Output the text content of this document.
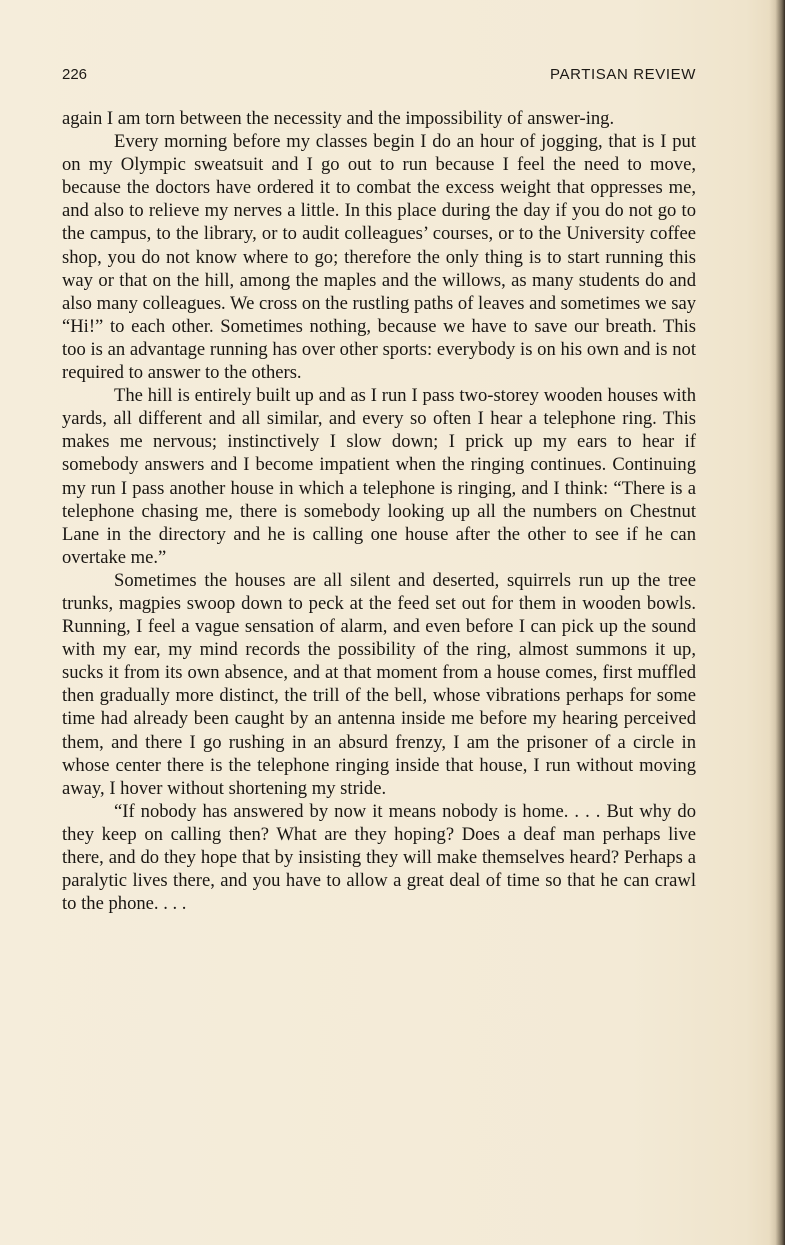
226	PARTISAN REVIEW

again I am torn between the necessity and the impossibility of answer-ing.

Every morning before my classes begin I do an hour of jogging, that is I put on my Olympic sweatsuit and I go out to run because I feel the need to move, because the doctors have ordered it to combat the excess weight that oppresses me, and also to relieve my nerves a little. In this place during the day if you do not go to the campus, to the library, or to audit colleagues’ courses, or to the University coffee shop, you do not know where to go; therefore the only thing is to start running this way or that on the hill, among the maples and the willows, as many students do and also many colleagues. We cross on the rustling paths of leaves and sometimes we say “Hi!” to each other. Sometimes nothing, because we have to save our breath. This too is an advantage running has over other sports: everybody is on his own and is not required to answer to the others.

The hill is entirely built up and as I run I pass two-storey wooden houses with yards, all different and all similar, and every so often I hear a telephone ring. This makes me nervous; instinctively I slow down; I prick up my ears to hear if somebody answers and I become impatient when the ringing continues. Continuing my run I pass another house in which a telephone is ringing, and I think: “There is a telephone chasing me, there is somebody looking up all the numbers on Chestnut Lane in the directory and he is calling one house after the other to see if he can overtake me.”

Sometimes the houses are all silent and deserted, squirrels run up the tree trunks, magpies swoop down to peck at the feed set out for them in wooden bowls. Running, I feel a vague sensation of alarm, and even before I can pick up the sound with my ear, my mind records the possibility of the ring, almost summons it up, sucks it from its own absence, and at that moment from a house comes, first muffled then gradually more distinct, the trill of the bell, whose vibrations perhaps for some time had already been caught by an antenna inside me before my hearing perceived them, and there I go rushing in an absurd frenzy, I am the prisoner of a circle in whose center there is the telephone ringing inside that house, I run without moving away, I hover without shortening my stride.

“If nobody has answered by now it means nobody is home. . . . But why do they keep on calling then? What are they hoping? Does a deaf man perhaps live there, and do they hope that by insisting they will make themselves heard? Perhaps a paralytic lives there, and you have to allow a great deal of time so that he can crawl to the phone. . . .
